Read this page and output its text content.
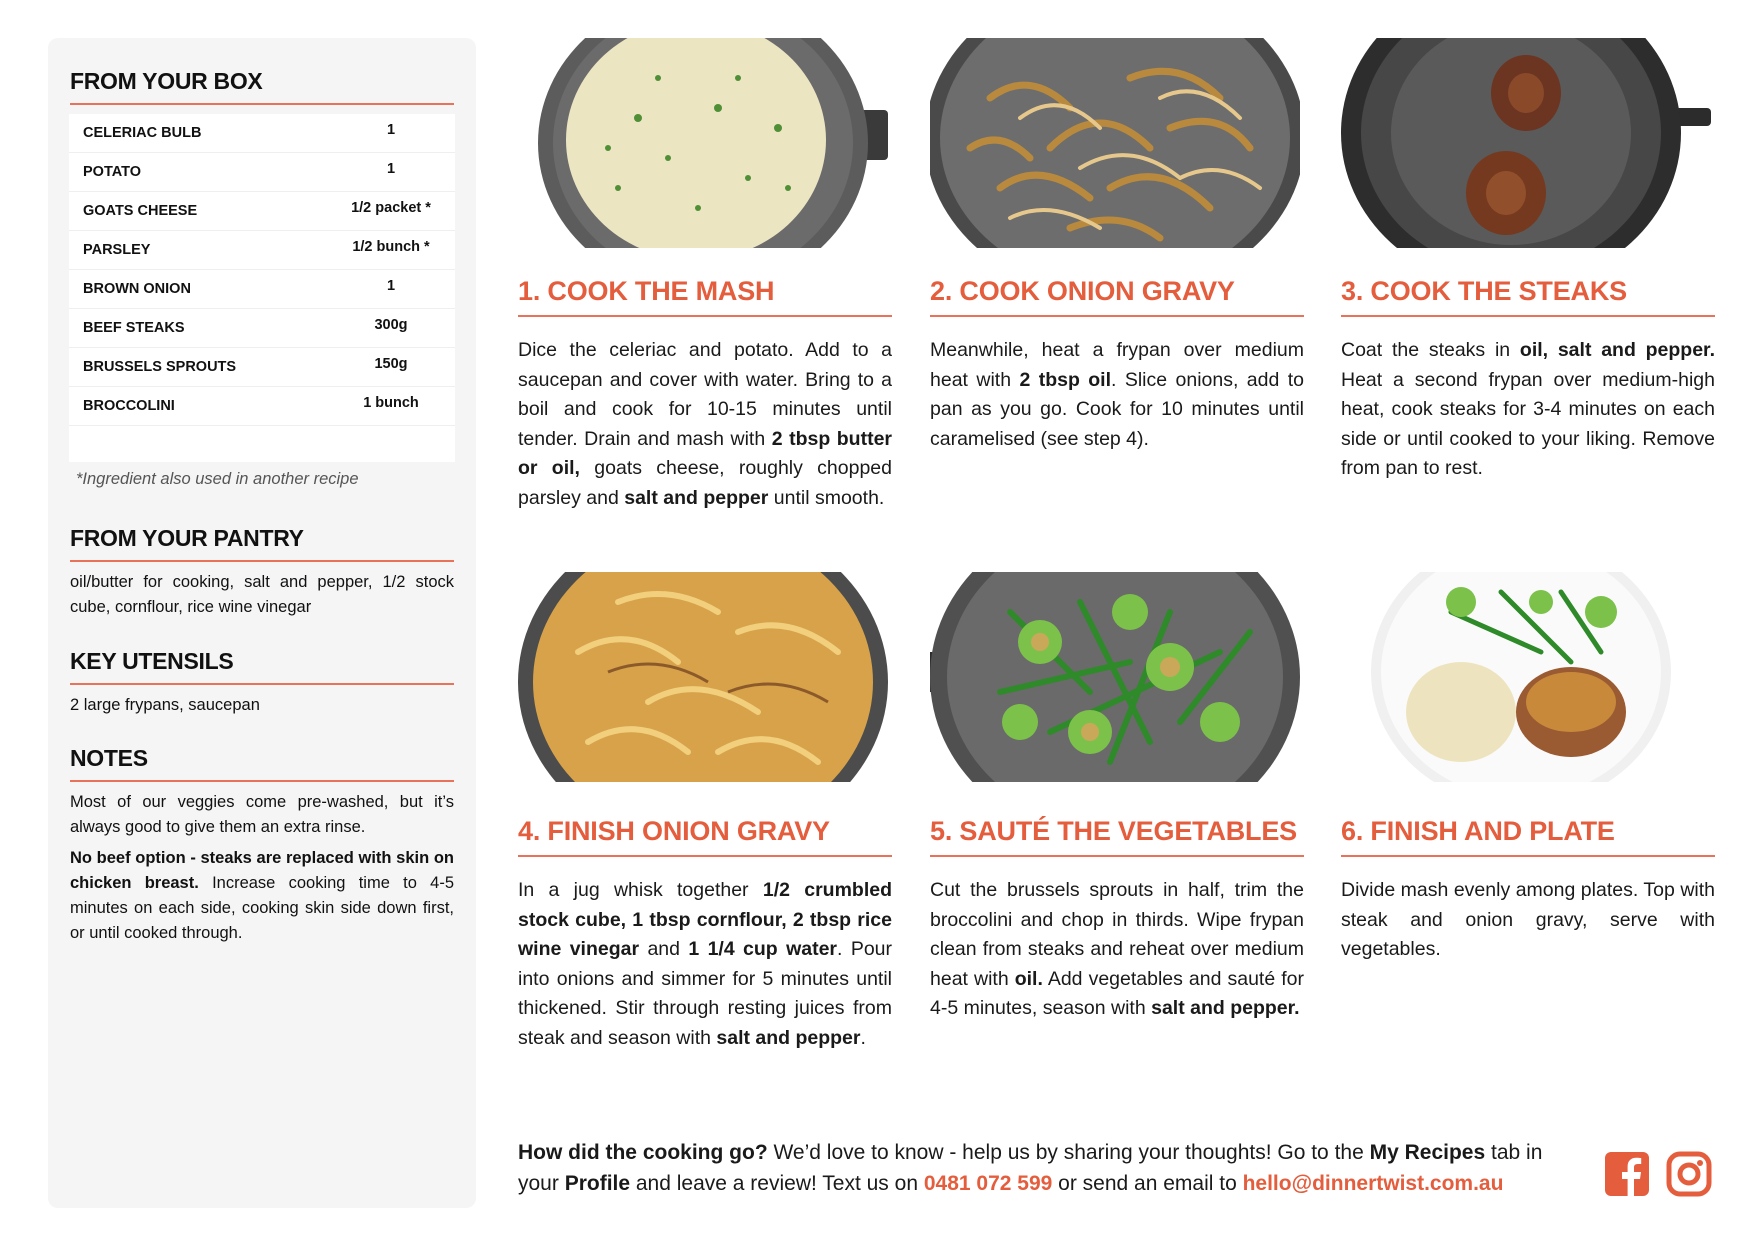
FROM YOUR BOX
CELERIAC BULB	1
POTATO	1
GOATS CHEESE	1/2 packet *
PARSLEY	1/2 bunch *
BROWN ONION	1
BEEF STEAKS	300g
BRUSSELS SPROUTS	150g
BROCCOLINI	1 bunch
*Ingredient also used in another recipe
FROM YOUR PANTRY
oil/butter for cooking, salt and pepper, 1/2 stock cube, cornflour, rice wine vinegar
KEY UTENSILS
2 large frypans, saucepan
NOTES
Most of our veggies come pre-washed, but it’s always good to give them an extra rinse.
No beef option - steaks are replaced with skin on chicken breast. Increase cooking time to 4-5 minutes on each side, cooking skin side down first, or until cooked through.
1. COOK THE MASH
Dice the celeriac and potato. Add to a saucepan and cover with water. Bring to a boil and cook for 10-15 minutes until tender. Drain and mash with 2 tbsp butter or oil, goats cheese, roughly chopped parsley and salt and pepper until smooth.
2. COOK ONION GRAVY
Meanwhile, heat a frypan over medium heat with 2 tbsp oil. Slice onions, add to pan as you go. Cook for 10 minutes until caramelised (see step 4).
3. COOK THE STEAKS
Coat the steaks in oil, salt and pepper. Heat a second frypan over medium-high heat, cook steaks for 3-4 minutes on each side or until cooked to your liking. Remove from pan to rest.
4. FINISH ONION GRAVY
In a jug whisk together 1/2 crumbled stock cube, 1 tbsp cornflour, 2 tbsp rice wine vinegar and 1 1/4 cup water. Pour into onions and simmer for 5 minutes until thickened. Stir through resting juices from steak and season with salt and pepper.
5. SAUTÉ THE VEGETABLES
Cut the brussels sprouts in half, trim the broccolini and chop in thirds. Wipe frypan clean from steaks and reheat over medium heat with oil. Add vegetables and sauté for 4-5 minutes, season with salt and pepper.
6. FINISH AND PLATE
Divide mash evenly among plates. Top with steak and onion gravy, serve with vegetables.
How did the cooking go? We’d love to know - help us by sharing your thoughts! Go to the My Recipes tab in your Profile and leave a review! Text us on 0481 072 599 or send an email to hello@dinnertwist.com.au
